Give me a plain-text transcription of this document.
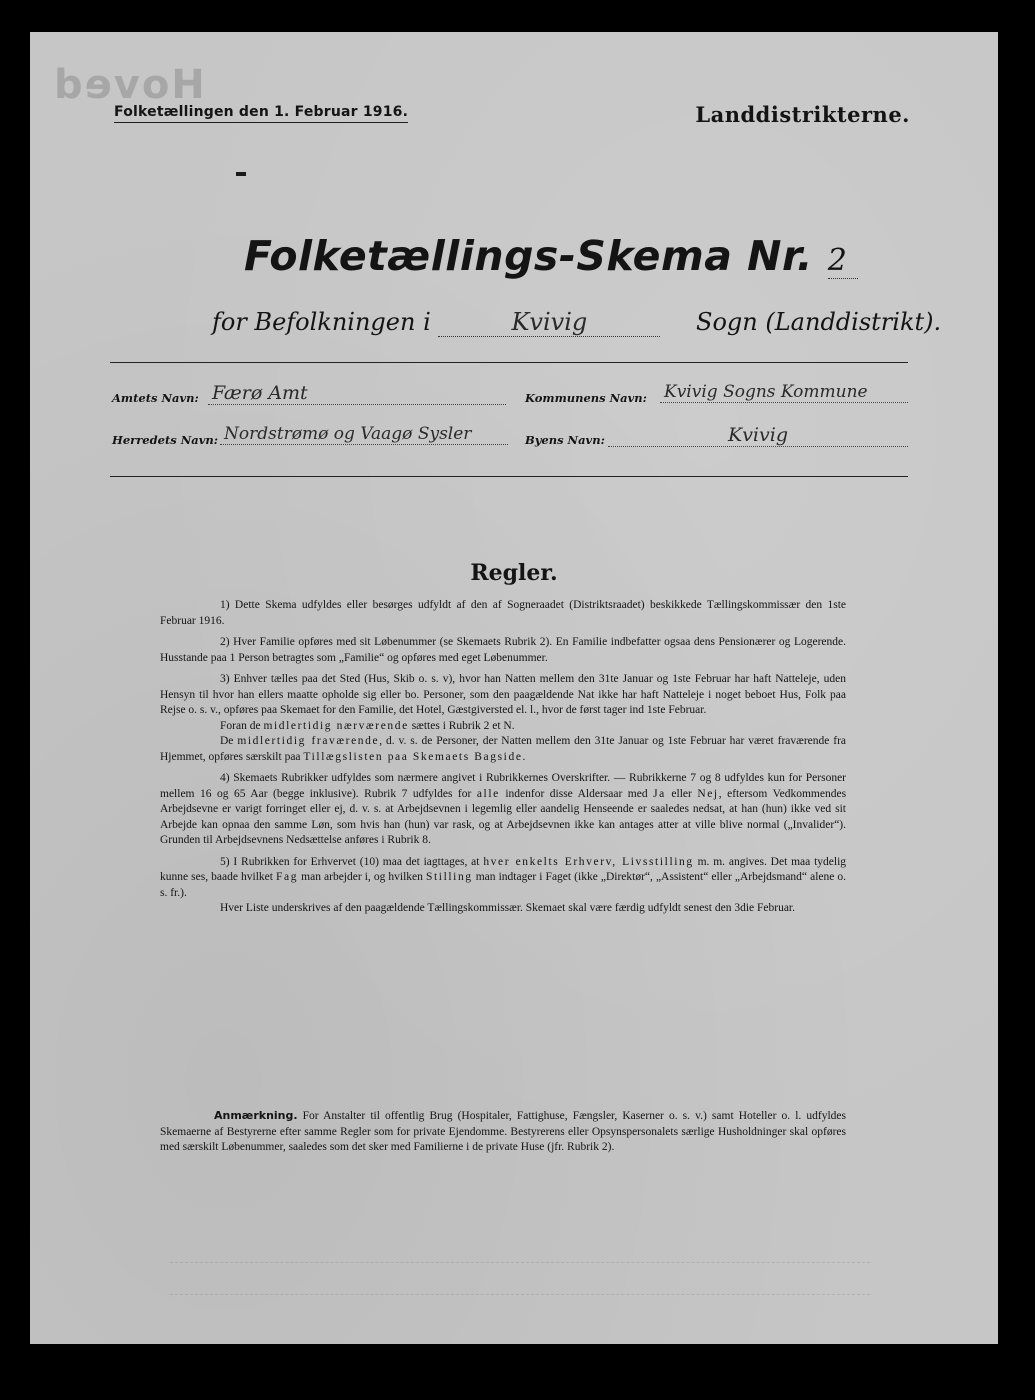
Hoved
Folketællingen den 1. Februar 1916.	Landdistrikterne.
Folketællings-Skema Nr. 2
for Befolkningen i	Kvivig	Sogn (Landdistrikt).
Amtets Navn: Færø Amt	Kommunens Navn: Kvivig Sogns Kommune
Herredets Navn: Nordstrømø og Vaagø Sysler	Byens Navn:	Kvivig
Regler.

1) Dette Skema udfyldes eller besørges udfyldt af den af Sogneraadet (Distriktsraadet) beskikkede Tællingskommissær den 1ste Februar 1916.

2) Hver Familie opføres med sit Løbenummer (se Skemaets Rubrik 2). En Familie indbefatter ogsaa dens Pensionærer og Logerende. Husstande paa 1 Person betragtes som „Familie“ og opføres med eget Løbenummer.

3) Enhver tælles paa det Sted (Hus, Skib o. s. v), hvor han Natten mellem den 31te Januar og 1ste Februar har haft Natteleje, uden Hensyn til hvor han ellers maatte opholde sig eller bo. Personer, som den paagældende Nat ikke har haft Natteleje i noget beboet Hus, Folk paa Rejse o. s. v., opføres paa Skemaet for den Familie, det Hotel, Gæstgiversted el. l., hvor de først tager ind 1ste Februar.

Foran de midlertidig nærværende sættes i Rubrik 2 et N.

De midlertidig fraværende, d. v. s. de Personer, der Natten mellem den 31te Januar og 1ste Februar har været fraværende fra Hjemmet, opføres særskilt paa Tillægslisten paa Skemaets Bagside.

4) Skemaets Rubrikker udfyldes som nærmere angivet i Rubrikkernes Overskrifter. — Rubrikkerne 7 og 8 udfyldes kun for Personer mellem 16 og 65 Aar (begge inklusive). Rubrik 7 udfyldes for alle indenfor disse Aldersaar med Ja eller Nej, eftersom Vedkommendes Arbejdsevne er varigt forringet eller ej, d. v. s. at Arbejdsevnen i legemlig eller aandelig Henseende er saaledes nedsat, at han (hun) ikke ved sit Arbejde kan opnaa den samme Løn, som hvis han (hun) var rask, og at Arbejdsevnen ikke kan antages atter at ville blive normal („Invalider“). Grunden til Arbejdsevnens Nedsættelse anføres i Rubrik 8.

5) I Rubrikken for Erhvervet (10) maa det iagttages, at hver enkelts Erhverv, Livsstilling m. m. angives. Det maa tydelig kunne ses, baade hvilket Fag man arbejder i, og hvilken Stilling man indtager i Faget (ikke „Direktør“, „Assistent“ eller „Arbejdsmand“ alene o. s. fr.).

Hver Liste underskrives af den paagældende Tællingskommissær. Skemaet skal være færdig udfyldt senest den 3die Februar.

Anmærkning. For Anstalter til offentlig Brug (Hospitaler, Fattighuse, Fængsler, Kaserner o. s. v.) samt Hoteller o. l. udfyldes Skemaerne af Bestyrerne efter samme Regler som for private Ejendomme. Bestyrerens eller Opsynspersonalets særlige Husholdninger skal opføres med særskilt Løbenummer, saaledes som det sker med Familierne i de private Huse (jfr. Rubrik 2).
